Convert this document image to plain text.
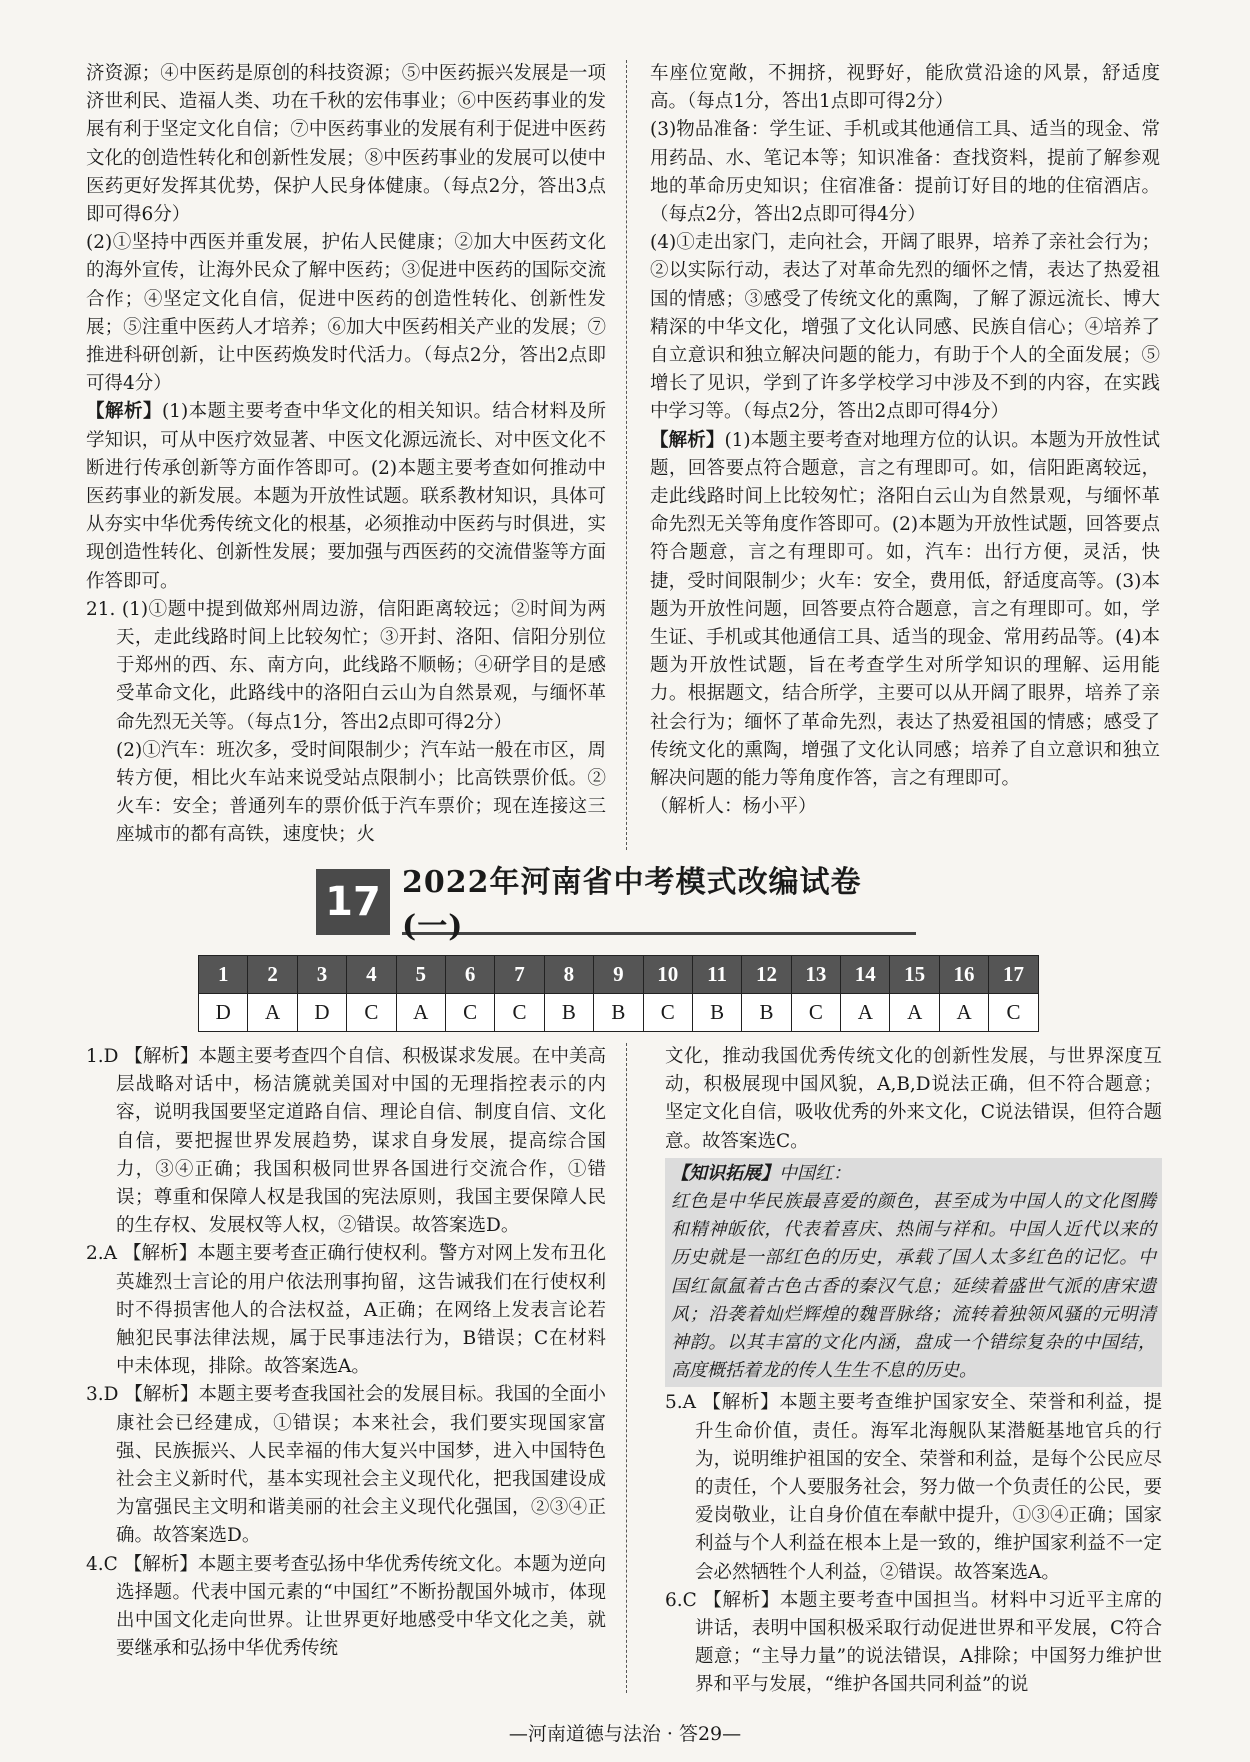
济资源；④中医药是原创的科技资源；⑤中医药振兴发展是一项济世利民、造福人类、功在千秋的宏伟事业；⑥中医药事业的发展有利于坚定文化自信；⑦中医药事业的发展有利于促进中医药文化的创造性转化和创新性发展；⑧中医药事业的发展可以使中医药更好发挥其优势，保护人民身体健康。（每点2分，答出3点即可得6分）

(2)①坚持中西医并重发展，护佑人民健康；②加大中医药文化的海外宣传，让海外民众了解中医药；③促进中医药的国际交流合作；④坚定文化自信，促进中医药的创造性转化、创新性发展；⑤注重中医药人才培养；⑥加大中医药相关产业的发展；⑦推进科研创新，让中医药焕发时代活力。（每点2分，答出2点即可得4分）

【解析】(1)本题主要考查中华文化的相关知识。结合材料及所学知识，可从中医疗效显著、中医文化源远流长、对中医文化不断进行传承创新等方面作答即可。(2)本题主要考查如何推动中医药事业的新发展。本题为开放性试题。联系教材知识，具体可从夯实中华优秀传统文化的根基，必须推动中医药与时俱进，实现创造性转化、创新性发展；要加强与西医药的交流借鉴等方面作答即可。

21. (1)①题中提到做郑州周边游，信阳距离较远；②时间为两天，走此线路时间上比较匆忙；③开封、洛阳、信阳分别位于郑州的西、东、南方向，此线路不顺畅；④研学目的是感受革命文化，此路线中的洛阳白云山为自然景观，与缅怀革命先烈无关等。（每点1分，答出2点即可得2分）

(2)①汽车：班次多，受时间限制少；汽车站一般在市区，周转方便，相比火车站来说受站点限制小；比高铁票价低。②火车：安全；普通列车的票价低于汽车票价；现在连接这三座城市的都有高铁，速度快；火

车座位宽敞，不拥挤，视野好，能欣赏沿途的风景，舒适度高。（每点1分，答出1点即可得2分）

(3)物品准备：学生证、手机或其他通信工具、适当的现金、常用药品、水、笔记本等；知识准备：查找资料，提前了解参观地的革命历史知识；住宿准备：提前订好目的地的住宿酒店。（每点2分，答出2点即可得4分）

(4)①走出家门，走向社会，开阔了眼界，培养了亲社会行为；②以实际行动，表达了对革命先烈的缅怀之情，表达了热爱祖国的情感；③感受了传统文化的熏陶，了解了源远流长、博大精深的中华文化，增强了文化认同感、民族自信心；④培养了自立意识和独立解决问题的能力，有助于个人的全面发展；⑤增长了见识，学到了许多学校学习中涉及不到的内容，在实践中学习等。（每点2分，答出2点即可得4分）

【解析】(1)本题主要考查对地理方位的认识。本题为开放性试题，回答要点符合题意，言之有理即可。如，信阳距离较远，走此线路时间上比较匆忙；洛阳白云山为自然景观，与缅怀革命先烈无关等角度作答即可。(2)本题为开放性试题，回答要点符合题意，言之有理即可。如，汽车：出行方便，灵活，快捷，受时间限制少；火车：安全，费用低，舒适度高等。(3)本题为开放性问题，回答要点符合题意，言之有理即可。如，学生证、手机或其他通信工具、适当的现金、常用药品等。(4)本题为开放性试题，旨在考查学生对所学知识的理解、运用能力。根据题文，结合所学，主要可以从开阔了眼界，培养了亲社会行为；缅怀了革命先烈，表达了热爱祖国的情感；感受了传统文化的熏陶，增强了文化认同感；培养了自立意识和独立解决问题的能力等角度作答，言之有理即可。

（解析人：杨小平）

17 2022年河南省中考模式改编试卷(一)
1	2	3	4	5	6	7	8	9	10	11	12	13	14	15	16	17
D	A	D	C	A	C	C	B	B	C	B	B	C	A	A	A	C

1.D 【解析】本题主要考查四个自信、积极谋求发展。在中美高层战略对话中，杨洁篪就美国对中国的无理指控表示的内容，说明我国要坚定道路自信、理论自信、制度自信、文化自信，要把握世界发展趋势，谋求自身发展，提高综合国力，③④正确；我国积极同世界各国进行交流合作，①错误；尊重和保障人权是我国的宪法原则，我国主要保障人民的生存权、发展权等人权，②错误。故答案选D。

2.A 【解析】本题主要考查正确行使权利。警方对网上发布丑化英雄烈士言论的用户依法刑事拘留，这告诫我们在行使权利时不得损害他人的合法权益，A正确；在网络上发表言论若触犯民事法律法规，属于民事违法行为，B错误；C在材料中未体现，排除。故答案选A。

3.D 【解析】本题主要考查我国社会的发展目标。我国的全面小康社会已经建成，①错误；本来社会，我们要实现国家富强、民族振兴、人民幸福的伟大复兴中国梦，进入中国特色社会主义新时代，基本实现社会主义现代化，把我国建设成为富强民主文明和谐美丽的社会主义现代化强国，②③④正确。故答案选D。

4.C 【解析】本题主要考查弘扬中华优秀传统文化。本题为逆向选择题。代表中国元素的“中国红”不断扮靓国外城市，体现出中国文化走向世界。让世界更好地感受中华文化之美，就要继承和弘扬中华优秀传统

文化，推动我国优秀传统文化的创新性发展，与世界深度互动，积极展现中国风貌，A,B,D说法正确，但不符合题意；坚定文化自信，吸收优秀的外来文化，C说法错误，但符合题意。故答案选C。

【知识拓展】中国红：

红色是中华民族最喜爱的颜色，甚至成为中国人的文化图腾和精神皈依，代表着喜庆、热闹与祥和。中国人近代以来的历史就是一部红色的历史，承载了国人太多红色的记忆。中国红氤氲着古色古香的秦汉气息；延续着盛世气派的唐宋遗风；沿袭着灿烂辉煌的魏晋脉络；流转着独领风骚的元明清神韵。以其丰富的文化内涵，盘成一个错综复杂的中国结，高度概括着龙的传人生生不息的历史。

5.A 【解析】本题主要考查维护国家安全、荣誉和利益，提升生命价值，责任。海军北海舰队某潜艇基地官兵的行为，说明维护祖国的安全、荣誉和利益，是每个公民应尽的责任，个人要服务社会，努力做一个负责任的公民，要爱岗敬业，让自身价值在奉献中提升，①③④正确；国家利益与个人利益在根本上是一致的，维护国家利益不一定会必然牺牲个人利益，②错误。故答案选A。

6.C 【解析】本题主要考查中国担当。材料中习近平主席的讲话，表明中国积极采取行动促进世界和平发展，C符合题意；“主导力量”的说法错误，A排除；中国努力维护世界和平与发展，“维护各国共同利益”的说

—河南道德与法治 · 答29—
